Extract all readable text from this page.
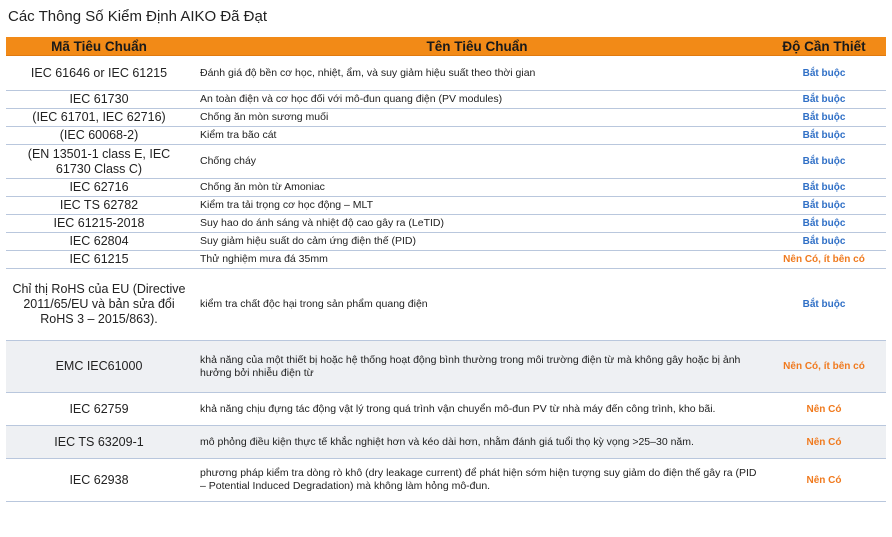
Các Thông Số Kiểm Định AIKO Đã Đạt
Mã Tiêu Chuẩn	Tên Tiêu Chuẩn	Độ Cần Thiết
IEC 61646 or IEC 61215	Đánh giá độ bền cơ học, nhiệt, ẩm, và suy giảm hiệu suất theo thời gian	Bắt buộc
IEC 61730	An toàn điện và cơ học đối với mô-đun quang điện (PV modules)	Bắt buộc
(IEC 61701, IEC 62716)	Chống ăn mòn sương muối	Bắt buộc
(IEC 60068-2)	Kiểm tra bão cát	Bắt buộc
(EN 13501-1 class E, IEC 61730 Class C)	Chống cháy	Bắt buộc
IEC 62716	Chống ăn mòn từ Amoniac	Bắt buộc
IEC TS 62782	Kiểm tra tải trọng cơ học động – MLT	Bắt buộc
IEC 61215-2018	Suy hao do ánh sáng và nhiệt độ cao gây ra (LeTID)	Bắt buộc
IEC 62804	Suy giảm hiệu suất do cảm ứng điện thế (PID)	Bắt buộc
IEC 61215	Thử nghiệm mưa đá 35mm	Nên Có, ít bên có
Chỉ thị RoHS của EU (Directive 2011/65/EU và bản sửa đổi RoHS 3 – 2015/863).	kiểm tra chất độc hại trong sản phẩm quang điện	Bắt buộc
EMC IEC61000	khả năng của một thiết bị hoặc hệ thống hoạt động bình thường trong môi trường điện từ mà không gây hoặc bị ảnh hưởng bởi nhiễu điện từ	Nên Có, ít bên có
IEC 62759	khả năng chịu đựng tác động vật lý trong quá trình vận chuyển mô-đun PV từ nhà máy đến công trình, kho bãi.	Nên Có
IEC TS 63209-1	mô phỏng điều kiện thực tế khắc nghiệt hơn và kéo dài hơn, nhằm đánh giá tuổi thọ kỳ vọng >25–30 năm.	Nên Có
IEC 62938	phương pháp kiểm tra dòng rò khô (dry leakage current) để phát hiện sớm hiện tượng suy giảm do điện thế gây ra (PID – Potential Induced Degradation) mà không làm hỏng mô-đun.	Nên Có
